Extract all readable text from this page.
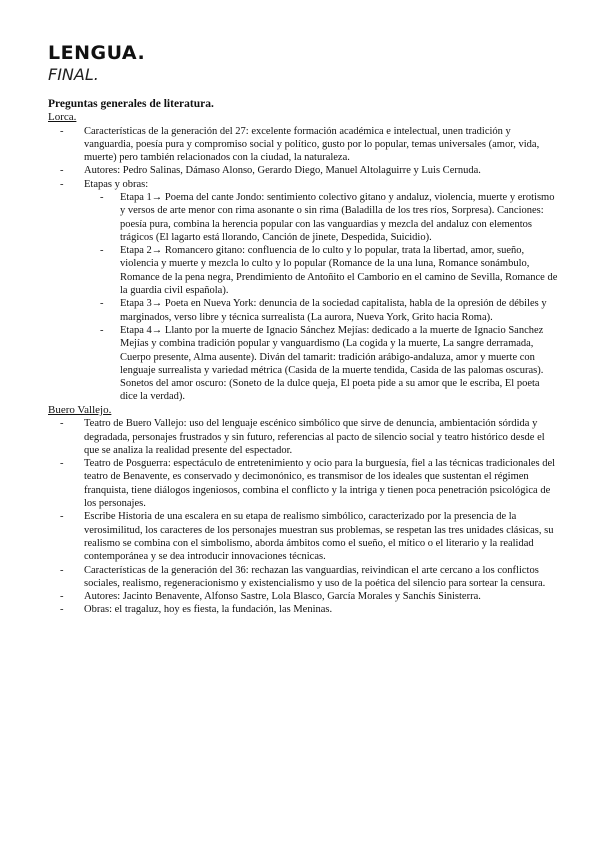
LENGUA.
FINAL.
Preguntas generales de literatura.
Lorca.
- Características de la generación del 27: excelente formación académica e intelectual, unen tradición y vanguardia, poesía pura y compromiso social y político, gusto por lo popular, temas universales (amor, vida, muerte) pero también relacionados con la ciudad, la naturaleza.
- Autores: Pedro Salinas, Dámaso Alonso, Gerardo Diego, Manuel Altolaguirre y Luis Cernuda.
- Etapas y obras:
- Etapa 1→ Poema del cante Jondo: sentimiento colectivo gitano y andaluz, violencia, muerte y erotismo y versos de arte menor con rima asonante o sin rima (Baladilla de los tres ríos, Sorpresa). Canciones: poesía pura, combina la herencia popular con las vanguardias y mezcla del andaluz con elementos trágicos (El lagarto está llorando, Canción de jinete, Despedida, Suicidio).
- Etapa 2→ Romancero gitano: confluencia de lo culto y lo popular, trata la libertad, amor, sueño, violencia y muerte y mezcla lo culto y lo popular (Romance de la una luna, Romance sonámbulo, Romance de la pena negra, Prendimiento de Antoñito el Camborio en el camino de Sevilla, Romance de la guardia civil española).
- Etapa 3→ Poeta en Nueva York: denuncia de la sociedad capitalista, habla de la opresión de débiles y marginados, verso libre y técnica surrealista (La aurora, Nueva York, Grito hacia Roma).
- Etapa 4→ Llanto por la muerte de Ignacio Sánchez Mejías: dedicado a la muerte de Ignacio Sanchez Mejías y combina tradición popular y vanguardismo (La cogida y la muerte, La sangre derramada, Cuerpo presente, Alma ausente). Diván del tamarit: tradición arábigo-andaluza, amor y muerte con lenguaje surrealista y variedad métrica (Casida de la muerte tendida, Casida de las palomas oscuras). Sonetos del amor oscuro: (Soneto de la dulce queja, El poeta pide a su amor que le escriba, El poeta dice la verdad).
Buero Vallejo.
- Teatro de Buero Vallejo: uso del lenguaje escénico simbólico que sirve de denuncia, ambientación sórdida y degradada, personajes frustrados y sin futuro, referencias al pacto de silencio social y teatro histórico desde el que se analiza la realidad presente del espectador.
- Teatro de Posguerra: espectáculo de entretenimiento y ocio para la burguesía, fiel a las técnicas tradicionales del teatro de Benavente, es conservado y decimonónico, es transmisor de los ideales que sustentan el régimen franquista, tiene diálogos ingeniosos, combina el conflicto y la intriga y tienen poca penetración psicológica de los personajes.
- Escribe Historia de una escalera en su etapa de realismo simbólico, caracterizado por la presencia de la verosimilitud, los caracteres de los personajes muestran sus problemas, se respetan las tres unidades clásicas, su realismo se combina con el simbolismo, aborda ámbitos como el sueño, el mítico o el literario y la realidad contemporánea y se dea introducir innovaciones técnicas.
- Características de la generación del 36: rechazan las vanguardias, reivindican el arte cercano a los conflictos sociales, realismo, regeneracionismo y existencialismo y uso de la poética del silencio para sortear la censura.
- Autores: Jacinto Benavente, Alfonso Sastre, Lola Blasco, García Morales y Sanchís Sinisterra.
- Obras: el tragaluz, hoy es fiesta, la fundación, las Meninas.
